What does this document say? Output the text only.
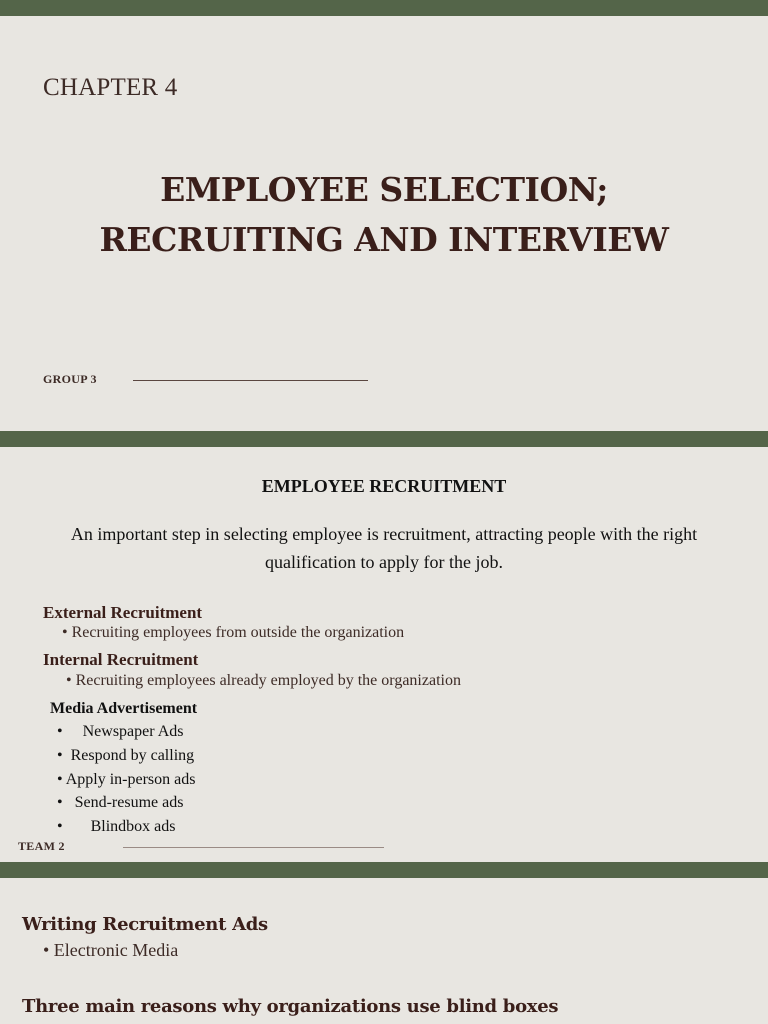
CHAPTER 4
EMPLOYEE SELECTION;
RECRUITING AND INTERVIEW
GROUP 3
EMPLOYEE RECRUITMENT
An important step in selecting employee is recruitment, attracting people with the right
qualification to apply for the job.
External Recruitment
• Recruiting employees from outside the organization
Internal Recruitment
• Recruiting employees already employed by the organization
Media Advertisement
•     Newspaper Ads
•  Respond by calling
• Apply in-person ads
•   Send-resume ads
•       Blindbox ads
TEAM 2
Writing Recruitment Ads
• Electronic Media
Three main reasons why organizations use blind boxes
